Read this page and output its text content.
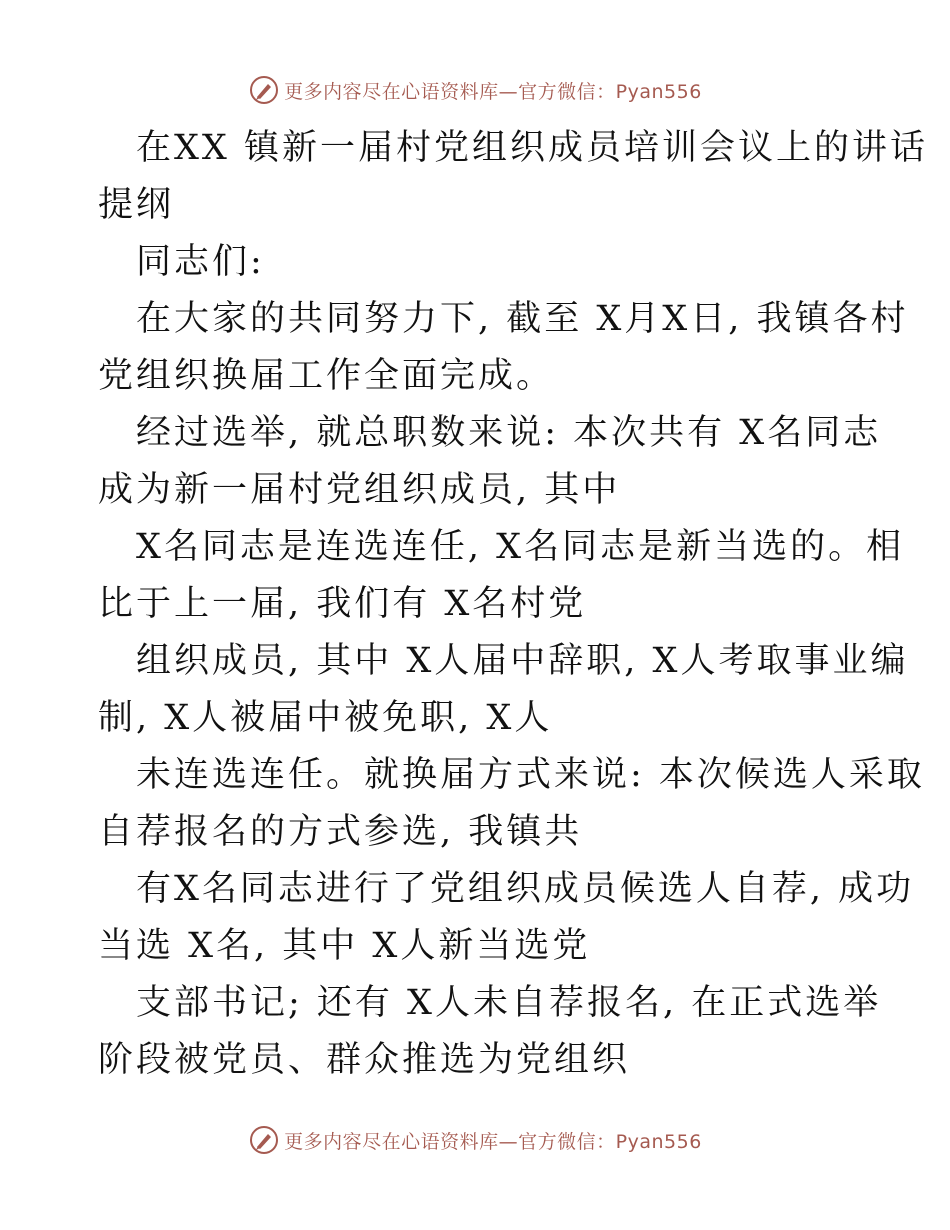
更多内容尽在心语资料库—官方微信：Pyan556
在XX 镇新一届村党组织成员培训会议上的讲话
提纲
同志们:
在大家的共同努力下, 截至 X月X日, 我镇各村
党组织换届工作全面完成。
经过选举, 就总职数来说: 本次共有 X名同志
成为新一届村党组织成员, 其中
X名同志是连选连任, X名同志是新当选的。相
比于上一届, 我们有 X名村党
组织成员, 其中 X人届中辞职, X人考取事业编
制, X人被届中被免职, X人
未连选连任。就换届方式来说: 本次候选人采取
自荐报名的方式参选, 我镇共
有X名同志进行了党组织成员候选人自荐, 成功
当选 X名, 其中 X人新当选党
支部书记; 还有 X人未自荐报名, 在正式选举
阶段被党员、群众推选为党组织
更多内容尽在心语资料库—官方微信：Pyan556
